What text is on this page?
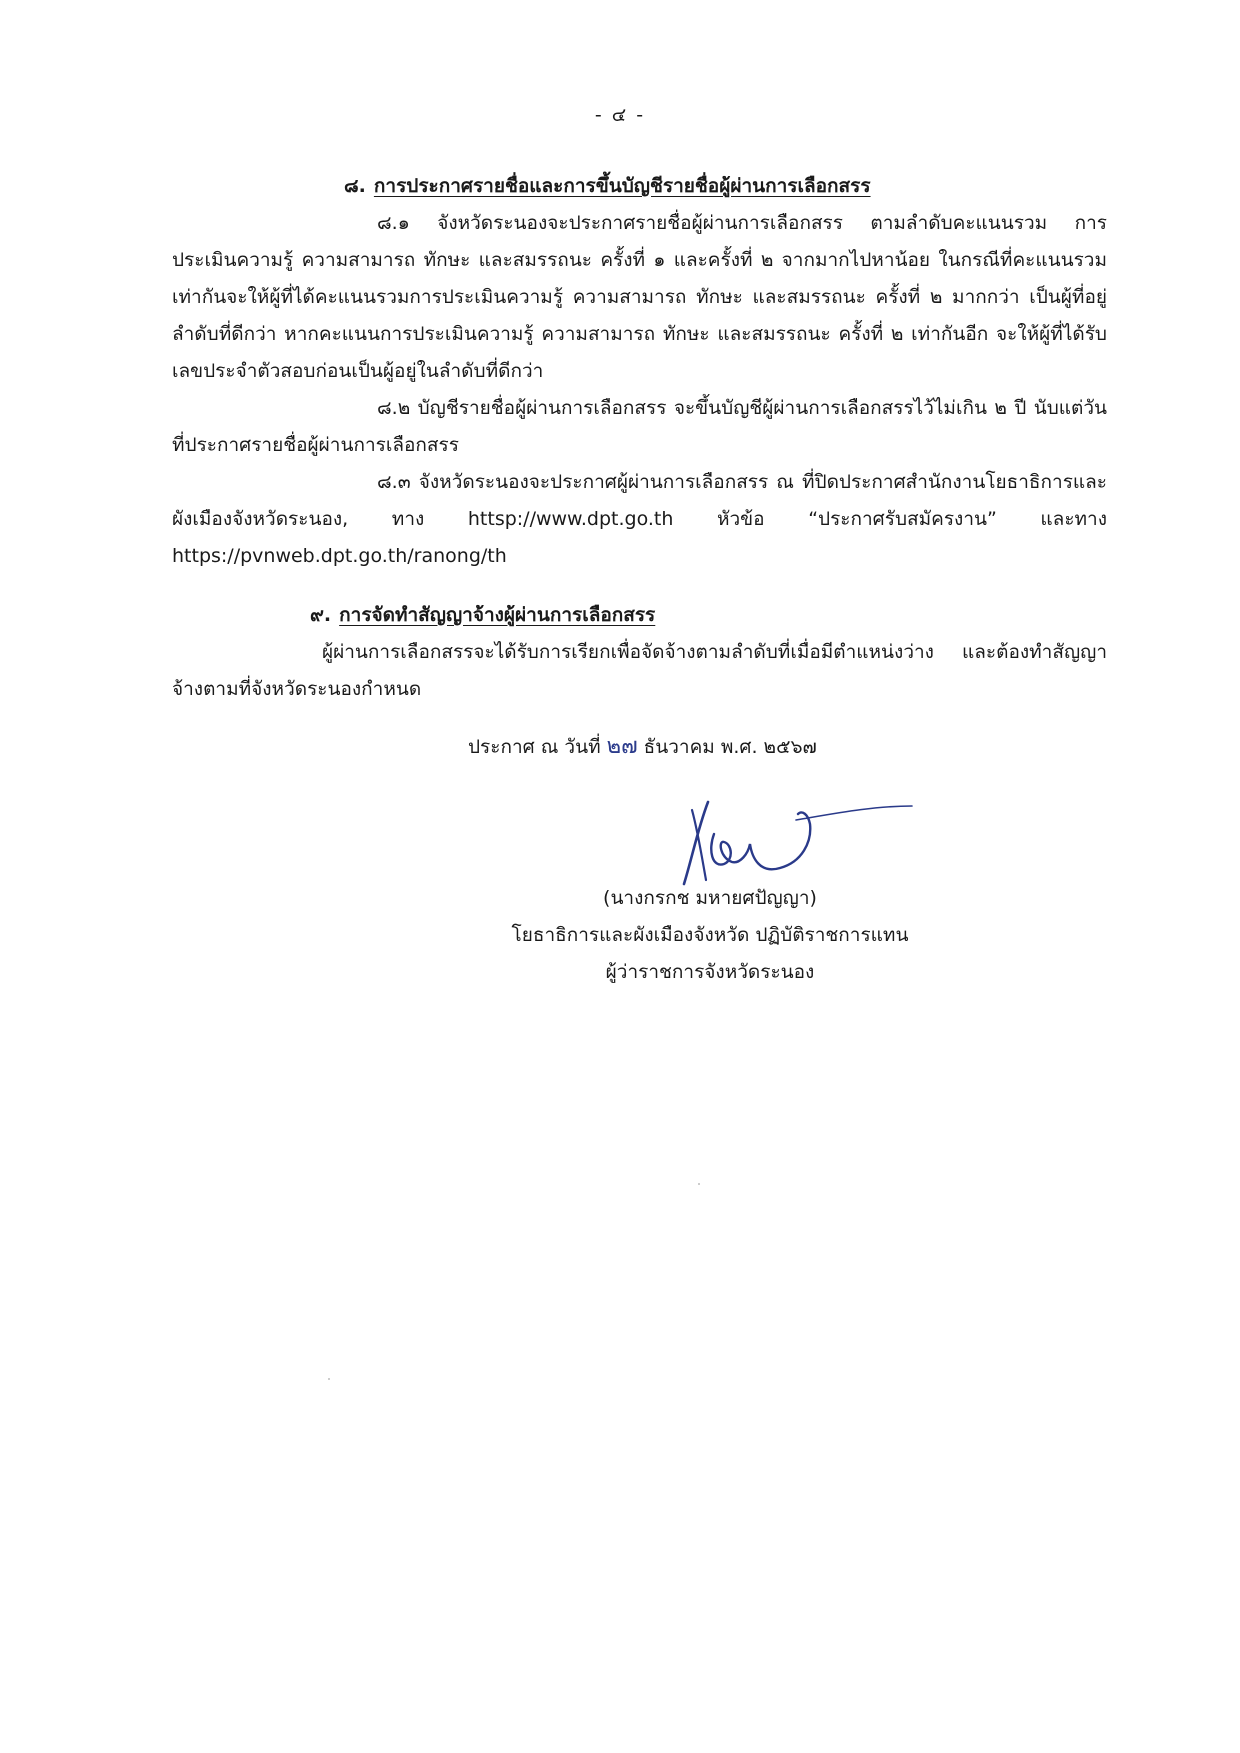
- ๔ -

๘. การประกาศรายชื่อและการขึ้นบัญชีรายชื่อผู้ผ่านการเลือกสรร

๘.๑ จังหวัดระนองจะประกาศรายชื่อผู้ผ่านการเลือกสรร ตามลำดับคะแนนรวม การประเมินความรู้ ความสามารถ ทักษะ และสมรรถนะ ครั้งที่ ๑ และครั้งที่ ๒ จากมากไปหาน้อย ในกรณีที่คะแนนรวมเท่ากันจะให้ผู้ที่ได้คะแนนรวมการประเมินความรู้ ความสามารถ ทักษะ และสมรรถนะ ครั้งที่ ๒ มากกว่า เป็นผู้ที่อยู่ลำดับที่ดีกว่า หากคะแนนการประเมินความรู้ ความสามารถ ทักษะ และสมรรถนะ ครั้งที่ ๒ เท่ากันอีก จะให้ผู้ที่ได้รับเลขประจำตัวสอบก่อนเป็นผู้อยู่ในลำดับที่ดีกว่า

๘.๒ บัญชีรายชื่อผู้ผ่านการเลือกสรร จะขึ้นบัญชีผู้ผ่านการเลือกสรรไว้ไม่เกิน ๒ ปี นับแต่วันที่ประกาศรายชื่อผู้ผ่านการเลือกสรร

๘.๓ จังหวัดระนองจะประกาศผู้ผ่านการเลือกสรร ณ ที่ปิดประกาศสำนักงานโยธาธิการและผังเมืองจังหวัดระนอง, ทาง httsp://www.dpt.go.th หัวข้อ “ประกาศรับสมัครงาน” และทาง https://pvnweb.dpt.go.th/ranong/th

๙. การจัดทำสัญญาจ้างผู้ผ่านการเลือกสรร

ผู้ผ่านการเลือกสรรจะได้รับการเรียกเพื่อจัดจ้างตามลำดับที่เมื่อมีตำแหน่งว่าง และต้องทำสัญญาจ้างตามที่จังหวัดระนองกำหนด

ประกาศ ณ วันที่ ๒๗ ธันวาคม พ.ศ. ๒๕๖๗

(นางกรกช มหายศปัญญา)

โยธาธิการและผังเมืองจังหวัด ปฏิบัติราชการแทน

ผู้ว่าราชการจังหวัดระนอง
